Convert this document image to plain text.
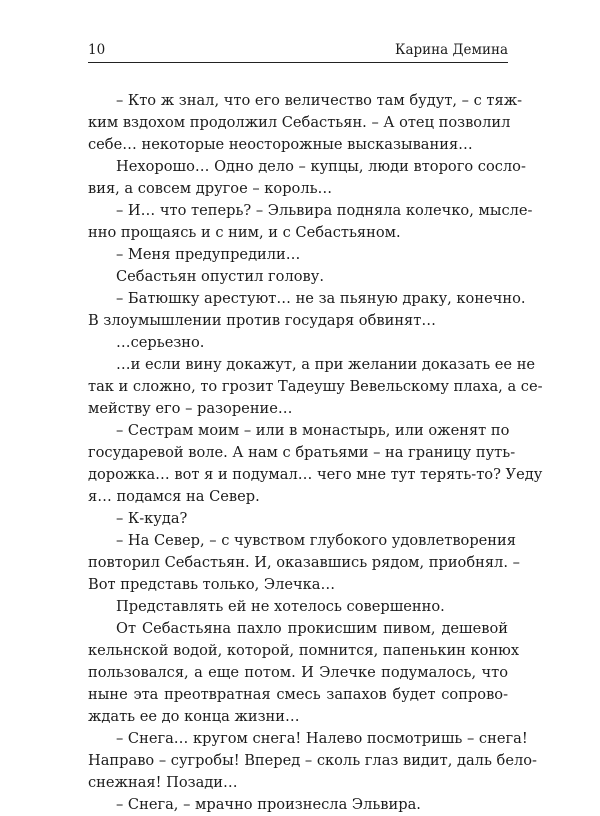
10	Карина Демина
– Кто ж знал, что его величество там будут, – с тяж-
ким вздохом продолжил Себастьян. – А отец позволил
себе… некоторые неосторожные высказывания…
Нехорошо… Одно дело – купцы, люди второго сосло-
вия, а совсем другое – король…
– И… что теперь? – Эльвира подняла колечко, мысле-
нно прощаясь и с ним, и с Себастьяном.
– Меня предупредили…
Себастьян опустил голову.
– Батюшку арестуют… не за пьяную драку, конечно.
В злоумышлении против государя обвинят…
…серьезно.
…и если вину докажут, а при желании доказать ее не
так и сложно, то грозит Тадеушу Вевельскому плаха, а се-
мейству его – разорение…
– Сестрам моим – или в монастырь, или оженят по
государевой воле. А нам с братьями – на границу путь-
дорожка… вот я и подумал… чего мне тут терять-то? Уеду
я… подамся на Север.
– К-куда?
– На Север, – с чувством глубокого удовлетворения
повторил Себастьян. И, оказавшись рядом, приобнял. –
Вот представь только, Элечка…
Представлять ей не хотелось совершенно.
От Себастьяна пахло прокисшим пивом, дешевой
кельнской водой, которой, помнится, папенькин конюх
пользовался, а еще потом. И Элечке подумалось, что
ныне эта преотвратная смесь запахов будет сопрово-
ждать ее до конца жизни…
– Снега… кругом снега! Налево посмотришь – снега!
Направо – сугробы! Вперед – сколь глаз видит, даль бело-
снежная! Позади…
– Снега, – мрачно произнесла Эльвира.
